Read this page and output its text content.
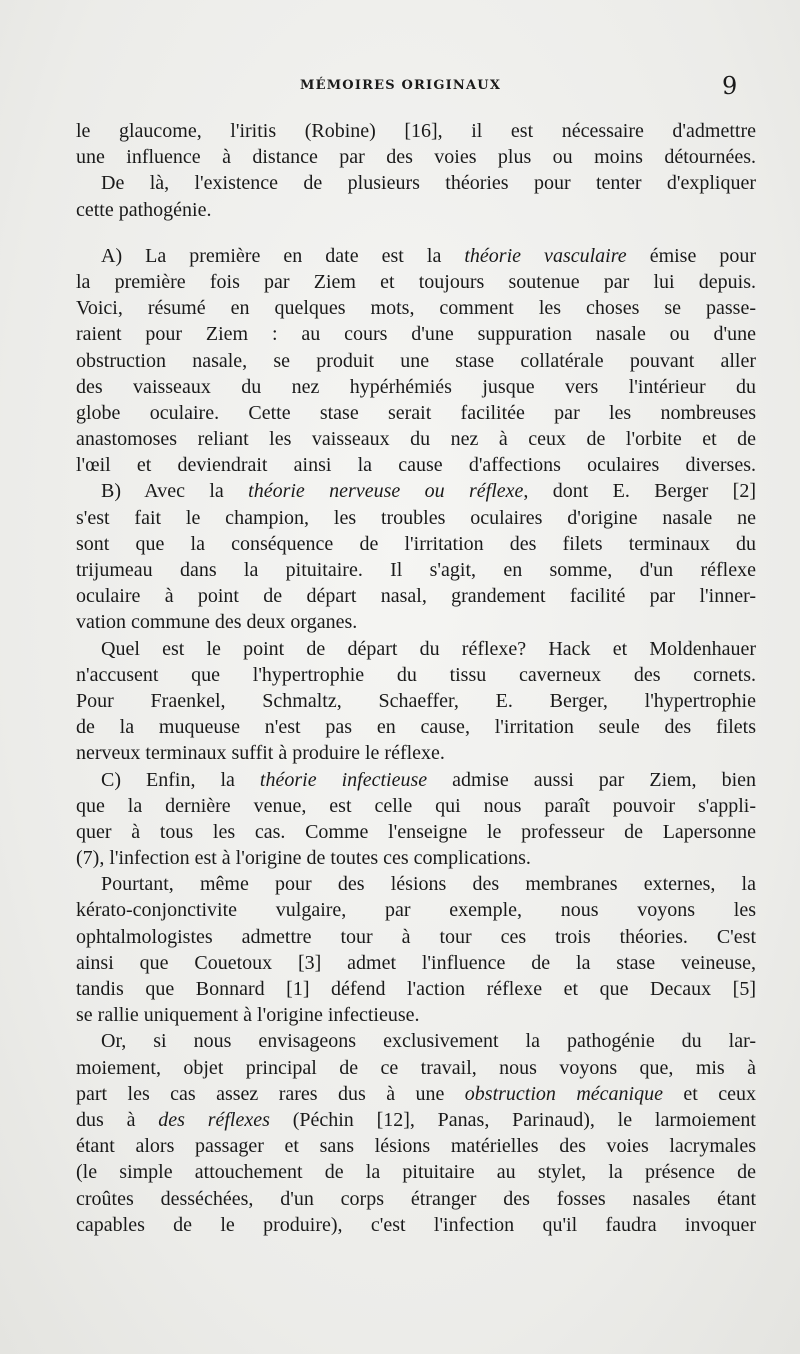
MÉMOIRES ORIGINAUX	9
le glaucome, l'iritis (Robine) [16], il est nécessaire d'admettre
une influence à distance par des voies plus ou moins détournées.
De là, l'existence de plusieurs théories pour tenter d'expliquer
cette pathogénie.
A) La première en date est la théorie vasculaire émise pour
la première fois par Ziem et toujours soutenue par lui depuis.
Voici, résumé en quelques mots, comment les choses se passe-
raient pour Ziem : au cours d'une suppuration nasale ou d'une
obstruction nasale, se produit une stase collatérale pouvant aller
des vaisseaux du nez hypérhémiés jusque vers l'intérieur du
globe oculaire. Cette stase serait facilitée par les nombreuses
anastomoses reliant les vaisseaux du nez à ceux de l'orbite et de
l'œil et deviendrait ainsi la cause d'affections oculaires diverses.
B) Avec la théorie nerveuse ou réflexe, dont E. Berger [2]
s'est fait le champion, les troubles oculaires d'origine nasale ne
sont que la conséquence de l'irritation des filets terminaux du
trijumeau dans la pituitaire. Il s'agit, en somme, d'un réflexe
oculaire à point de départ nasal, grandement facilité par l'inner-
vation commune des deux organes.
Quel est le point de départ du réflexe? Hack et Moldenhauer
n'accusent que l'hypertrophie du tissu caverneux des cornets.
Pour Fraenkel, Schmaltz, Schaeffer, E. Berger, l'hypertrophie
de la muqueuse n'est pas en cause, l'irritation seule des filets
nerveux terminaux suffit à produire le réflexe.
C) Enfin, la théorie infectieuse admise aussi par Ziem, bien
que la dernière venue, est celle qui nous paraît pouvoir s'appli-
quer à tous les cas. Comme l'enseigne le professeur de Lapersonne
(7), l'infection est à l'origine de toutes ces complications.
Pourtant, même pour des lésions des membranes externes, la
kérato-conjonctivite vulgaire, par exemple, nous voyons les
ophtalmologistes admettre tour à tour ces trois théories. C'est
ainsi que Couetoux [3] admet l'influence de la stase veineuse,
tandis que Bonnard [1] défend l'action réflexe et que Decaux [5]
se rallie uniquement à l'origine infectieuse.
Or, si nous envisageons exclusivement la pathogénie du lar-
moiement, objet principal de ce travail, nous voyons que, mis à
part les cas assez rares dus à une obstruction mécanique et ceux
dus à des réflexes (Péchin [12], Panas, Parinaud), le larmoiement
étant alors passager et sans lésions matérielles des voies lacrymales
(le simple attouchement de la pituitaire au stylet, la présence de
croûtes desséchées, d'un corps étranger des fosses nasales étant
capables de le produire), c'est l'infection qu'il faudra invoquer
